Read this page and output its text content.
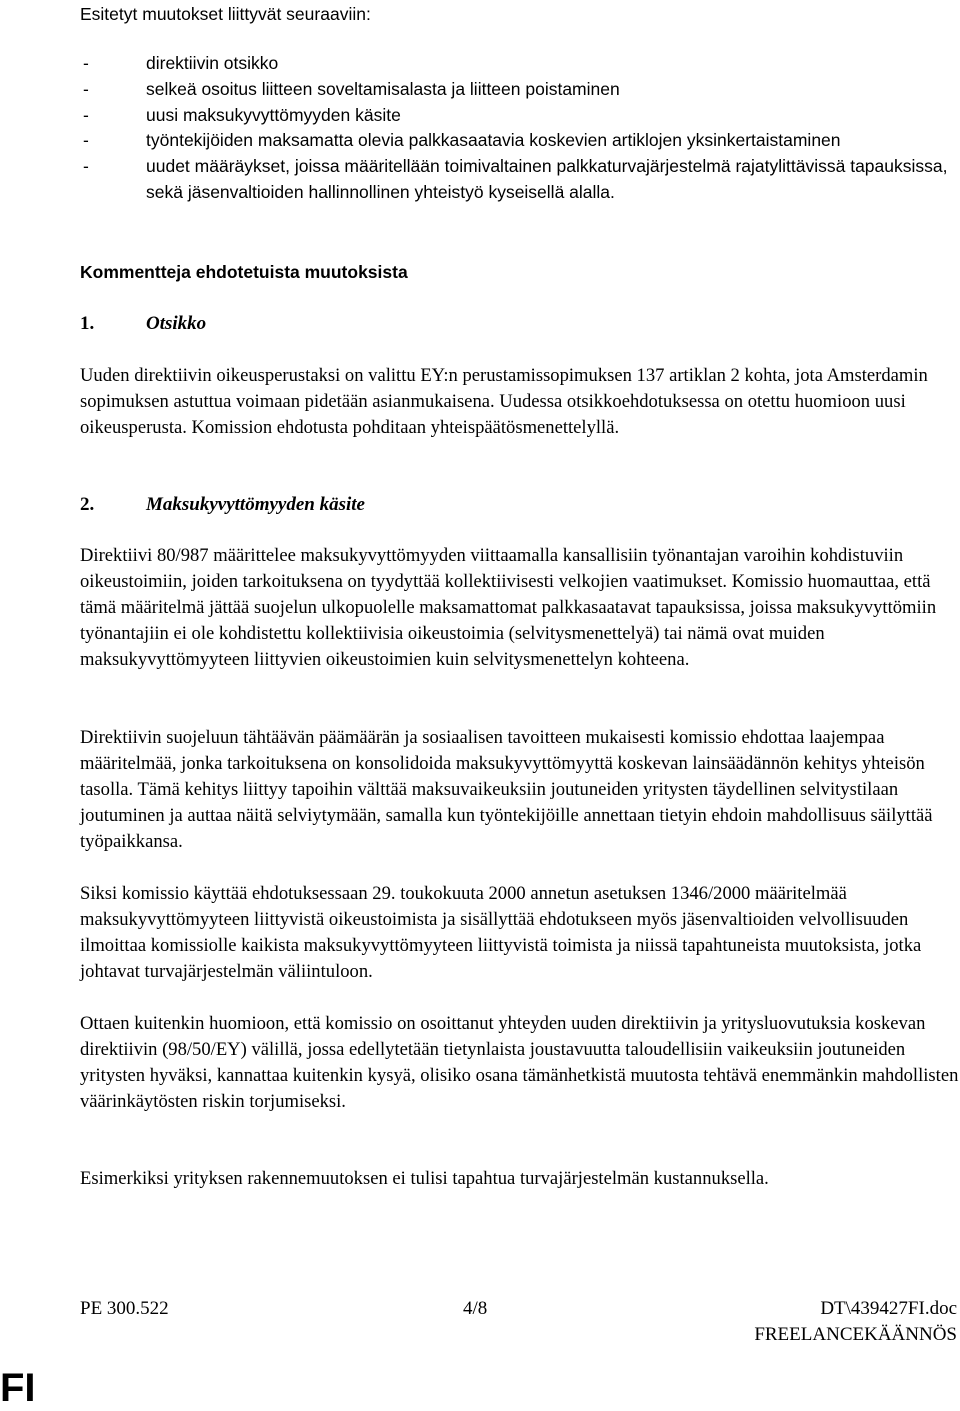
Esitetyt muutokset liittyvät seuraaviin:

-	direktiivin otsikko
-	selkeä osoitus liitteen soveltamisalasta ja liitteen poistaminen
-	uusi maksukyvyttömyyden käsite
-	työntekijöiden maksamatta olevia palkkasaatavia koskevien artiklojen yksinkertaistaminen
-	uudet määräykset, joissa määritellään toimivaltainen palkkaturvajärjestelmä rajatylittävissä tapauksissa, sekä jäsenvaltioiden hallinnollinen yhteistyö kyseisellä alalla.
Kommentteja ehdotetuista muutoksista
1.	Otsikko

Uuden direktiivin oikeusperustaksi on valittu EY:n perustamissopimuksen 137 artiklan 2 kohta, jota Amsterdamin sopimuksen astuttua voimaan pidetään asianmukaisena. Uudessa otsikkoehdotuksessa on otettu huomioon uusi oikeusperusta. Komission ehdotusta pohditaan yhteispäätösmenettelyllä.

2.	Maksukyvyttömyyden käsite

Direktiivi 80/987 määrittelee maksukyvyttömyyden viittaamalla kansallisiin työnantajan varoihin kohdistuviin oikeustoimiin, joiden tarkoituksena on tyydyttää kollektiivisesti velkojien vaatimukset. Komissio huomauttaa, että tämä määritelmä jättää suojelun ulkopuolelle maksamattomat palkkasaatavat tapauksissa, joissa maksukyvyttömiin työnantajiin ei ole kohdistettu kollektiivisia oikeustoimia (selvitysmenettelyä) tai nämä ovat muiden maksukyvyttömyyteen liittyvien oikeustoimien kuin selvitysmenettelyn kohteena.

Direktiivin suojeluun tähtäävän päämäärän ja sosiaalisen tavoitteen mukaisesti komissio ehdottaa laajempaa määritelmää, jonka tarkoituksena on konsolidoida maksukyvyttömyyttä koskevan lainsäädännön kehitys yhteisön tasolla. Tämä kehitys liittyy tapoihin välttää maksuvaikeuksiin joutuneiden yritysten täydellinen selvitystilaan joutuminen ja auttaa näitä selviytymään, samalla kun työntekijöille annettaan tietyin ehdoin mahdollisuus säilyttää työpaikkansa.

Siksi komissio käyttää ehdotuksessaan 29. toukokuuta 2000 annetun asetuksen 1346/2000 määritelmää maksukyvyttömyyteen liittyvistä oikeustoimista ja sisällyttää ehdotukseen myös jäsenvaltioiden velvollisuuden ilmoittaa komissiolle kaikista maksukyvyttömyyteen liittyvistä toimista ja niissä tapahtuneista muutoksista, jotka johtavat turvajärjestelmän väliintuloon.

Ottaen kuitenkin huomioon, että komissio on osoittanut yhteyden uuden direktiivin ja yritysluovutuksia koskevan direktiivin (98/50/EY) välillä, jossa edellytetään tietynlaista joustavuutta taloudellisiin vaikeuksiin joutuneiden yritysten hyväksi, kannattaa kuitenkin kysyä, olisiko osana tämänhetkistä muutosta tehtävä enemmänkin mahdollisten väärinkäytösten riskin torjumiseksi.

Esimerkiksi yrityksen rakennemuutoksen ei tulisi tapahtua turvajärjestelmän kustannuksella.

PE 300.522	4/8	DT\439427FI.doc

FREELANCEKÄÄNNÖS

FI
